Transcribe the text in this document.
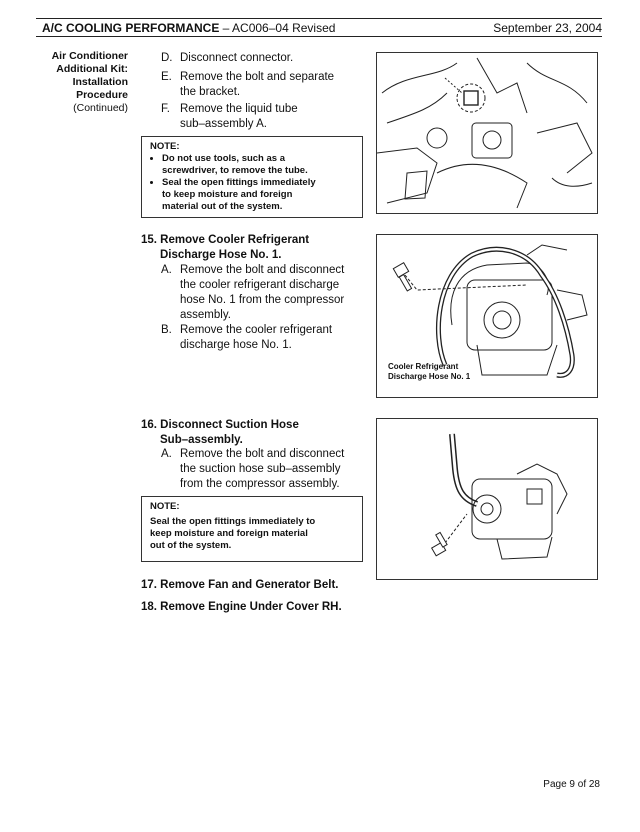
A/C COOLING PERFORMANCE – AC006–04 Revised	September 23, 2004
Air Conditioner
Additional Kit:
Installation
Procedure
(Continued)
D. Disconnect connector.
E. Remove the bolt and separate
the bracket.
F. Remove the liquid tube
sub–assembly A.
NOTE:
• Do not use tools, such as a
screwdriver, to remove the tube.
• Seal the open fittings immediately
to keep moisture and foreign
material out of the system.
15. Remove Cooler Refrigerant
Discharge Hose No. 1.
A. Remove the bolt and disconnect
the cooler refrigerant discharge
hose No. 1 from the compressor
assembly.
B. Remove the cooler refrigerant
discharge hose No. 1.
Cooler Refrigerant
Discharge Hose No. 1
16. Disconnect Suction Hose
Sub–assembly.
A. Remove the bolt and disconnect
the suction hose sub–assembly
from the compressor assembly.
NOTE:
Seal the open fittings immediately to
keep moisture and foreign material
out of the system.
17. Remove Fan and Generator Belt.
18. Remove Engine Under Cover RH.
Page 9 of 28
